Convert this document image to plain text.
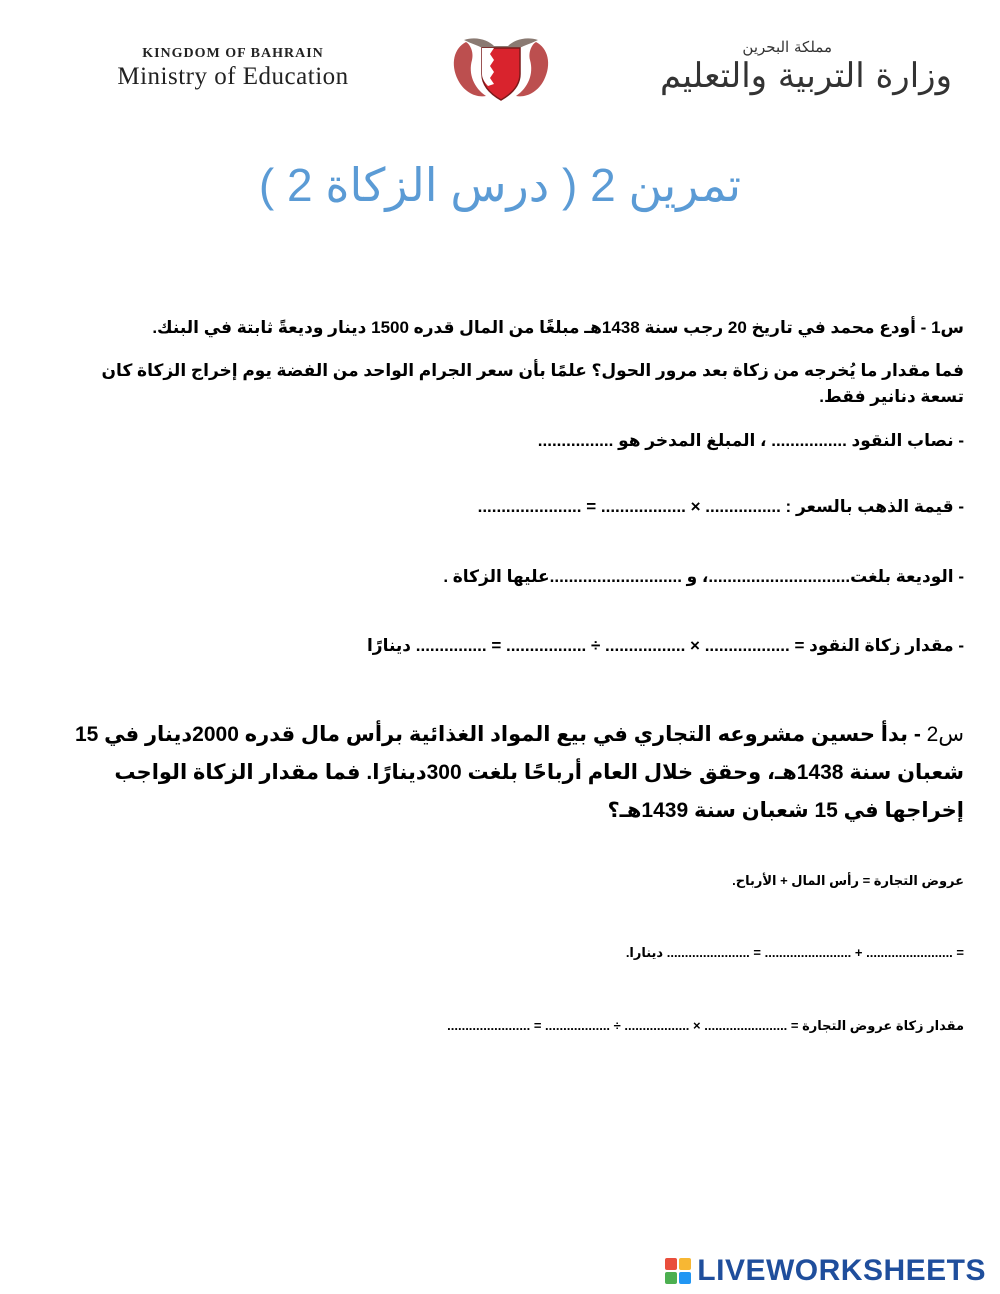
KINGDOM OF BAHRAIN
Ministry of Education
مملكة البحرين
وزارة التربية والتعليم
تمرين 2 ( درس الزكاة 2 )
س1 - أودع محمد في تاريخ 20 رجب سنة 1438هـ مبلغًا من المال قدره 1500 دينار وديعةً ثابتة في البنك.
فما مقدار ما يُخرجه من زكاة بعد مرور الحول؟ علمًا بأن سعر الجرام الواحد من الفضة يوم إخراج الزكاة كان تسعة دنانير فقط.
- نصاب النقود ................ ، المبلغ المدخر هو ................
- قيمة الذهب بالسعر : ................ × .................. = ......................
- الوديعة بلغت..............................، و ............................عليها الزكاة .
- مقدار زكاة النقود = .................. × ................. ÷ ................. = ............... دينارًا
س2 - بدأ حسين مشروعه التجاري في بيع المواد الغذائية برأس مال قدره 2000دينار في 15 شعبان سنة 1438هـ، وحقق خلال العام أرباحًا بلغت 300دينارًا. فما مقدار الزكاة الواجب إخراجها في 15 شعبان سنة 1439هـ؟
عروض التجارة = رأس المال + الأرباح.
= ........................ + ........................ = ....................... دينارا.
مقدار زكاة عروض التجارة = ....................... × .................. ÷ .................. = .......................
LIVEWORKSHEETS
